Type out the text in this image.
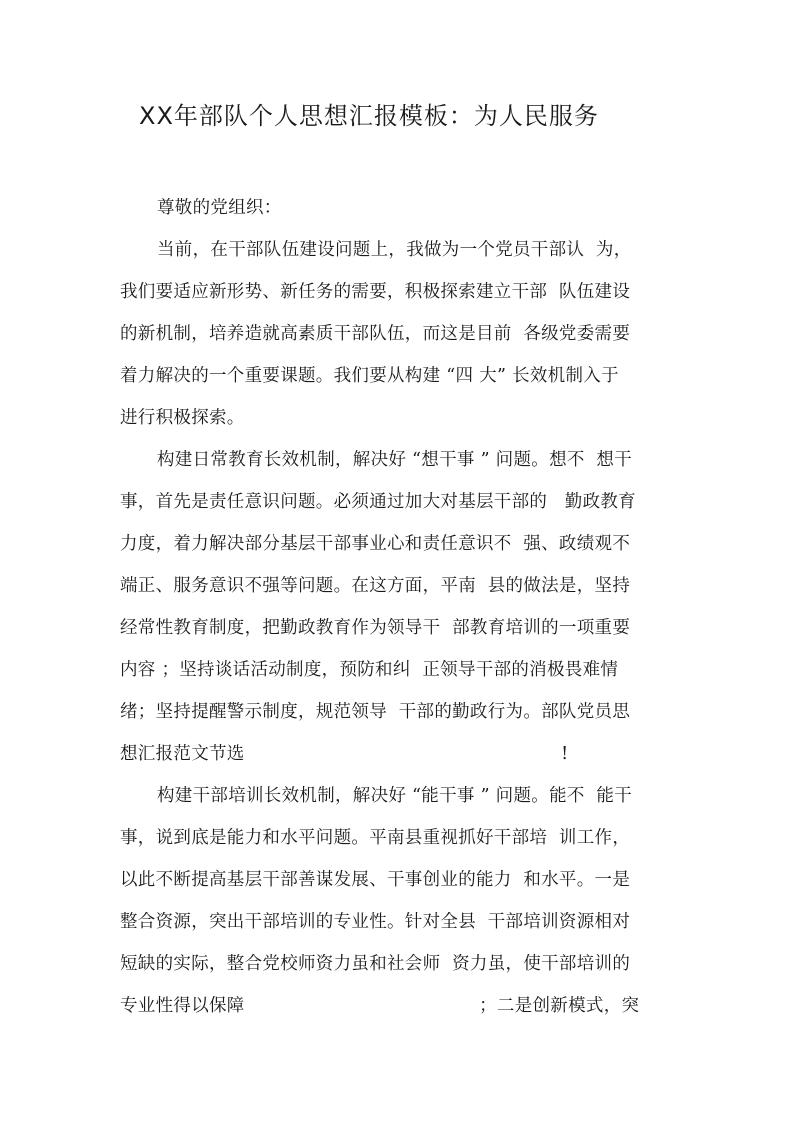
XX年部队个人思想汇报模板：为人民服务
尊敬的党组织：
当前，在干部队伍建设问题上，我做为一个党员干部认  为，
我们要适应新形势、新任务的需要，积极探索建立干部  队伍建设
的新机制，培养造就高素质干部队伍，而这是目前  各级党委需要
着力解决的一个重要课题。我们要从构建 “四 大” 长效机制入于
进行积极探索。
构建日常教育长效机制，解决好 “想干事 ” 问题。想不  想干
事，首先是责任意识问题。必须通过加大对基层干部的   勤政教育
力度，着力解决部分基层干部事业心和责任意识不  强、政绩观不
端正、服务意识不强等问题。在这方面，平南  县的做法是，坚持
经常性教育制度，把勤政教育作为领导干  部教育培训的一项重要
内容 ；坚持谈话活动制度，预防和纠  正领导干部的消极畏难情
绪；坚持提醒警示制度，规范领导  干部的勤政行为。部队党员思
想汇报范文节选                                                      !
构建干部培训长效机制，解决好 “能干事 ” 问题。能不  能干
事，说到底是能力和水平问题。平南县重视抓好干部培  训工作，
以此不断提高基层干部善谋发展、干事创业的能力  和水平。一是
整合资源，突出干部培训的专业性。针对全县  干部培训资源相对
短缺的实际，整合党校师资力虽和社会师  资力虽，使干部培训的
专业性得以保障                                        ；二是创新模式，突
